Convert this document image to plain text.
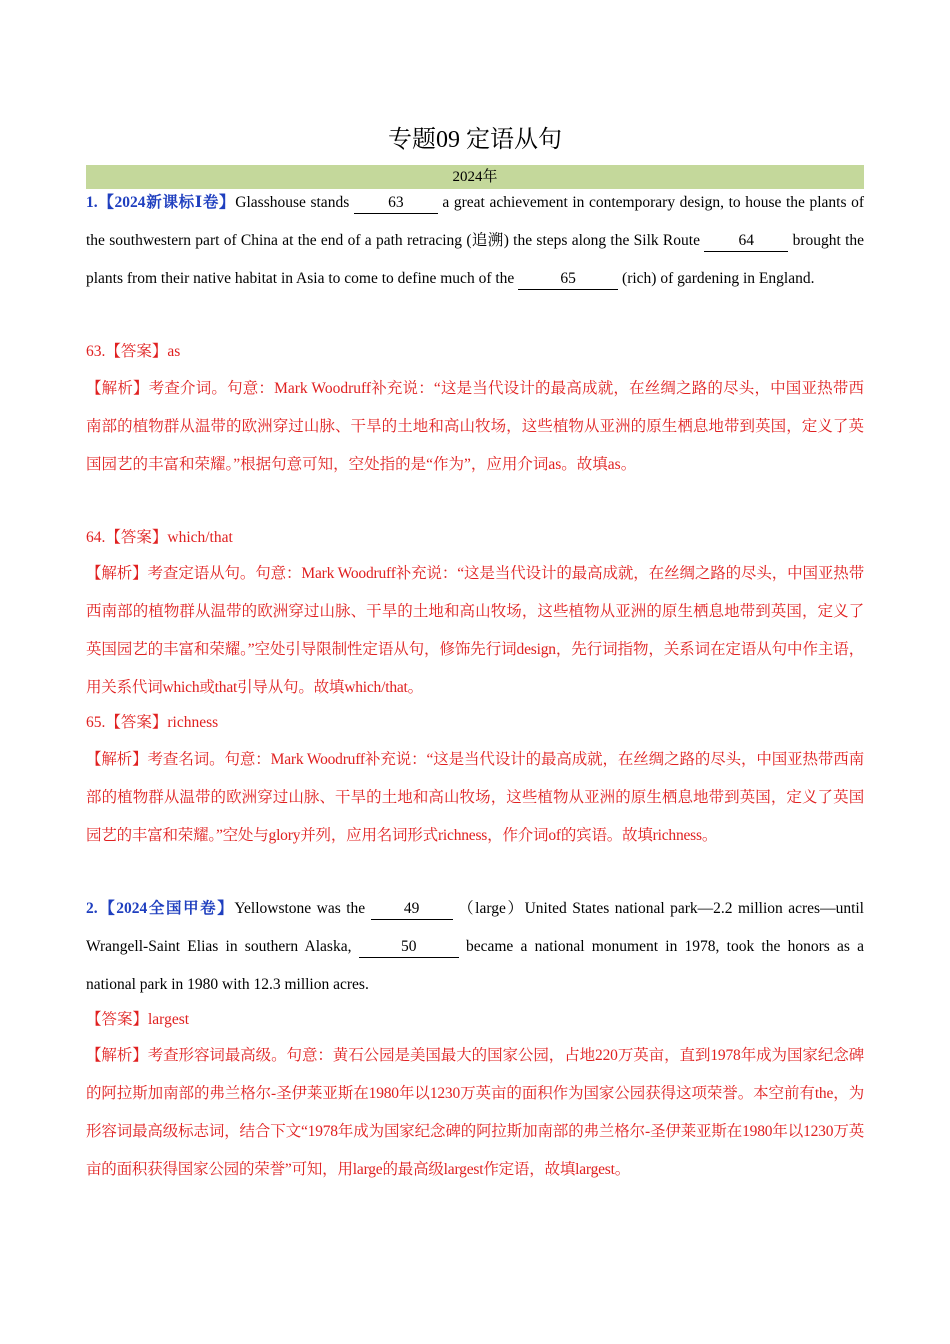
专题09 定语从句
2024年
1.【2024新课标Ⅰ卷】Glasshouse stands	63	a great achievement in contemporary design, to house the plants of the southwestern part of China at the end of a path retracing (追溯) the steps along the Silk Route 64 brought the plants from their native habitat in Asia to come to define much of the	65	(rich) of gardening in England.
63.【答案】as
【解析】考查介词。句意：Mark Woodruff补充说：“这是当代设计的最高成就，在丝绸之路的尽头，中国亚热带西南部的植物群从温带的欧洲穿过山脉、干旱的土地和高山牧场，这些植物从亚洲的原生栖息地带到英国，定义了英国园艺的丰富和荣耀。”根据句意可知，空处指的是“作为”，应用介词as。故填as。
64.【答案】which/that
【解析】考查定语从句。句意：Mark Woodruff补充说：“这是当代设计的最高成就，在丝绸之路的尽头，中国亚热带西南部的植物群从温带的欧洲穿过山脉、干旱的土地和高山牧场，这些植物从亚洲的原生栖息地带到英国，定义了英国园艺的丰富和荣耀。”空处引导限制性定语从句，修饰先行词design，先行词指物，关系词在定语从句中作主语，用关系代词which或that引导从句。故填which/that。
65.【答案】richness
【解析】考查名词。句意：Mark Woodruff补充说：“这是当代设计的最高成就，在丝绸之路的尽头，中国亚热带西南部的植物群从温带的欧洲穿过山脉、干旱的土地和高山牧场，这些植物从亚洲的原生栖息地带到英国，定义了英国园艺的丰富和荣耀。”空处与glory并列，应用名词形式richness，作介词of的宾语。故填richness。
2.【2024全国甲卷】Yellowstone was the 49 （large）United States national park—2.2 million acres—until Wrangell-Saint Elias in southern Alaska,	50	became a national monument in 1978, took the honors as a national park in 1980 with 12.3 million acres.
【答案】largest
【解析】考查形容词最高级。句意：黄石公园是美国最大的国家公园，占地220万英亩，直到1978年成为国家纪念碑的阿拉斯加南部的弗兰格尔-圣伊莱亚斯在1980年以1230万英亩的面积作为国家公园获得这项荣誉。本空前有the，为形容词最高级标志词，结合下文“1978年成为国家纪念碑的阿拉斯加南部的弗兰格尔-圣伊莱亚斯在1980年以1230万英亩的面积获得国家公园的荣誉”可知，用large的最高级largest作定语，故填largest。
